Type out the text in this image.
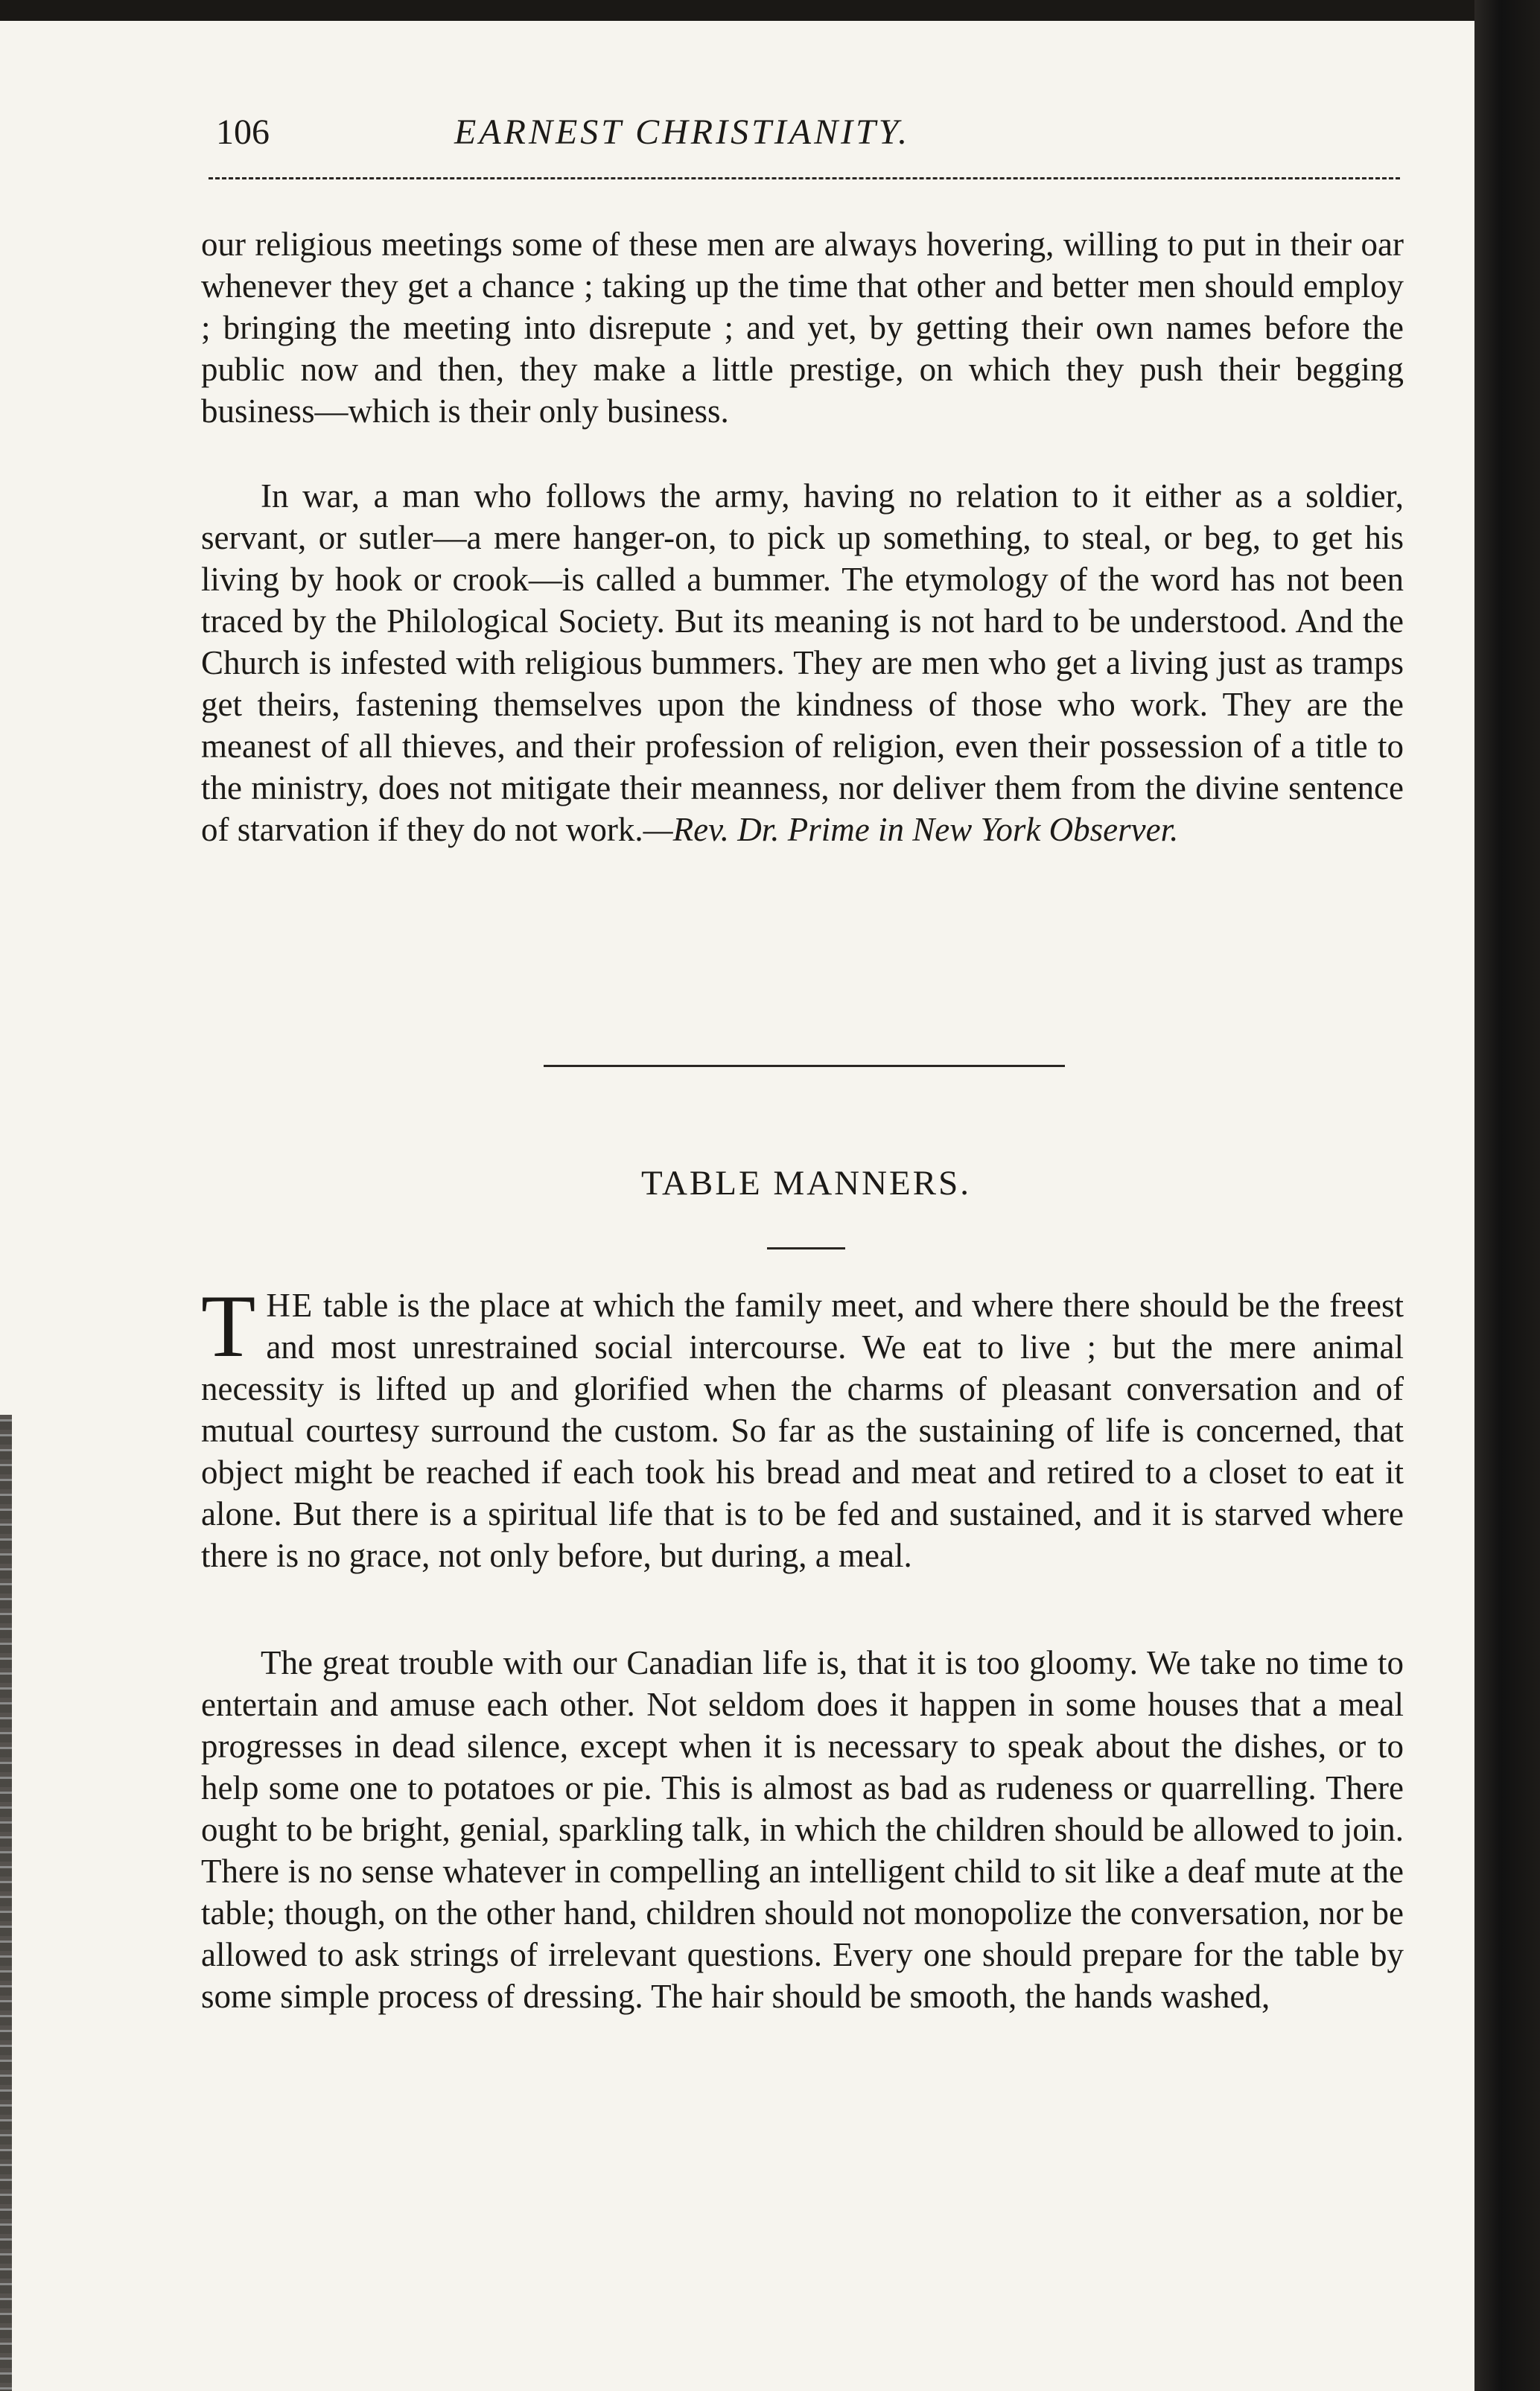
106	EARNEST CHRISTIANITY.

our religious meetings some of these men are always hovering, willing to put in their oar whenever they get a chance ; taking up the time that other and better men should employ ; bringing the meeting into disrepute ; and yet, by getting their own names before the public now and then, they make a little prestige, on which they push their begging business—which is their only business.

In war, a man who follows the army, having no relation to it either as a soldier, servant, or sutler—a mere hanger-on, to pick up something, to steal, or beg, to get his living by hook or crook—is called a bummer. The etymology of the word has not been traced by the Philological Society. But its meaning is not hard to be understood. And the Church is infested with religious bummers. They are men who get a living just as tramps get theirs, fastening themselves upon the kindness of those who work. They are the meanest of all thieves, and their profession of religion, even their possession of a title to the ministry, does not mitigate their meanness, nor deliver them from the divine sentence of starvation if they do not work.—Rev. Dr. Prime in New York Observer.

TABLE MANNERS.

THE table is the place at which the family meet, and where there should be the freest and most unrestrained social intercourse. We eat to live ; but the mere animal necessity is lifted up and glorified when the charms of pleasant conversation and of mutual courtesy surround the custom. So far as the sustaining of life is concerned, that object might be reached if each took his bread and meat and retired to a closet to eat it alone. But there is a spiritual life that is to be fed and sustained, and it is starved where there is no grace, not only before, but during, a meal.

The great trouble with our Canadian life is, that it is too gloomy. We take no time to entertain and amuse each other. Not seldom does it happen in some houses that a meal progresses in dead silence, except when it is necessary to speak about the dishes, or to help some one to potatoes or pie. This is almost as bad as rudeness or quarrelling. There ought to be bright, genial, sparkling talk, in which the children should be allowed to join. There is no sense whatever in compelling an intelligent child to sit like a deaf mute at the table; though, on the other hand, children should not monopolize the conversation, nor be allowed to ask strings of irrelevant questions. Every one should prepare for the table by some simple process of dressing. The hair should be smooth, the hands washed,
